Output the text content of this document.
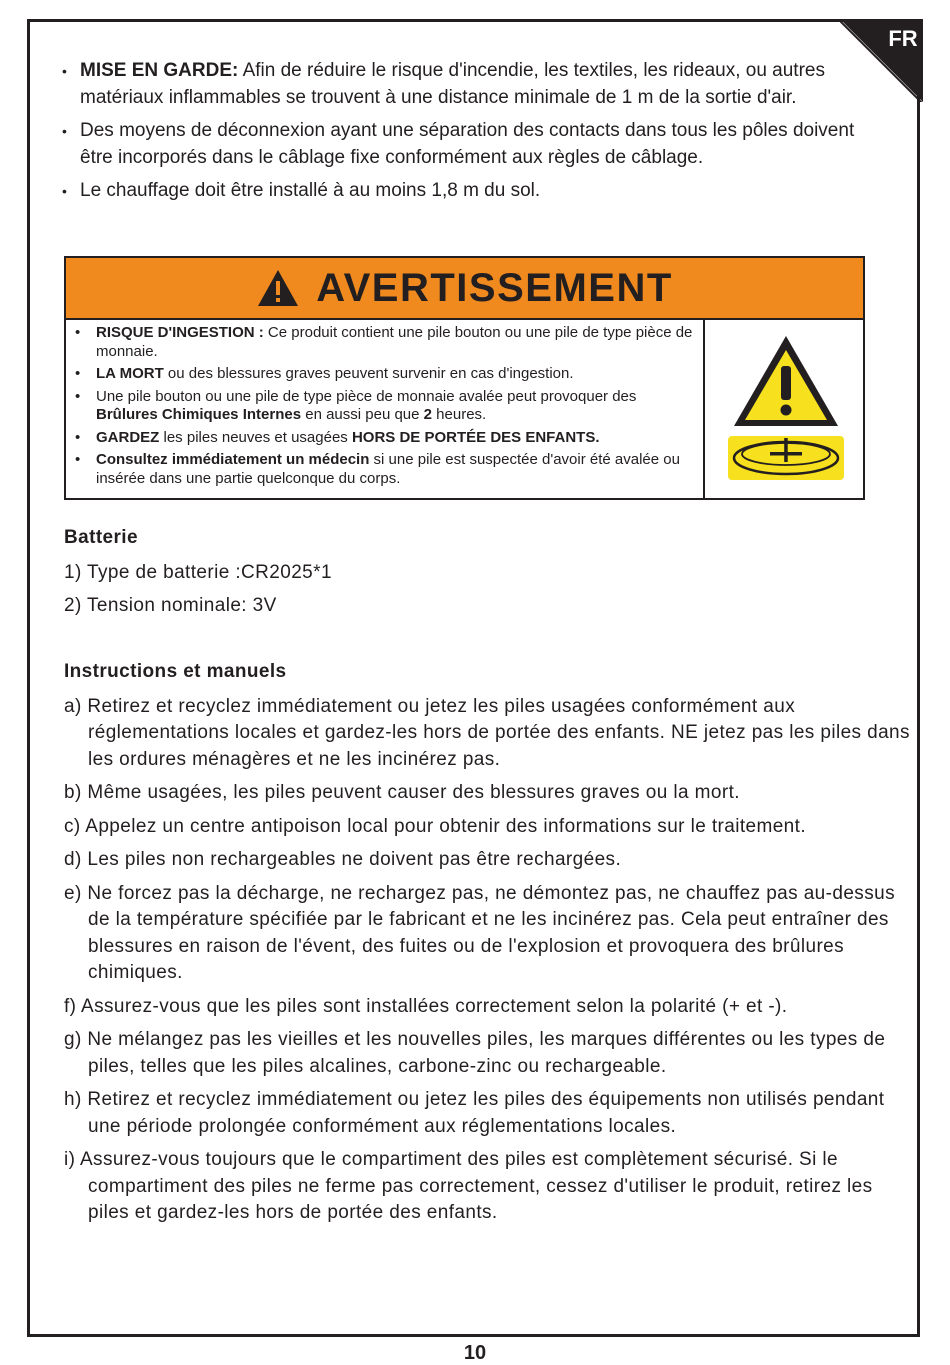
FR
• MISE EN GARDE: Afin de réduire le risque d'incendie, les textiles, les rideaux, ou autres matériaux inflammables se trouvent à une distance minimale de 1 m de la sortie d'air.
• Des moyens de déconnexion ayant une séparation des contacts dans tous les pôles doivent être incorporés dans le câblage fixe conformément aux règles de câblage.
• Le chauffage doit être installé à au moins 1,8 m du sol.
AVERTISSEMENT
• RISQUE D'INGESTION : Ce produit contient une pile bouton ou une pile de type pièce de monnaie.
• LA MORT ou des blessures graves peuvent survenir en cas d'ingestion.
• Une pile bouton ou une pile de type pièce de monnaie avalée peut provoquer des Brûlures Chimiques Internes en aussi peu que 2 heures.
• GARDEZ les piles neuves et usagées HORS DE PORTÉE DES ENFANTS.
• Consultez immédiatement un médecin si une pile est suspectée d'avoir été avalée ou insérée dans une partie quelconque du corps.
Batterie
1) Type de batterie :CR2025*1
2) Tension nominale: 3V
Instructions et manuels
a) Retirez et recyclez immédiatement ou jetez les piles usagées conformément aux réglementations locales et gardez-les hors de portée des enfants. NE jetez pas les piles dans les ordures ménagères et ne les incinérez pas.
b) Même usagées, les piles peuvent causer des blessures graves ou la mort.
c) Appelez un centre antipoison local pour obtenir des informations sur le traitement.
d) Les piles non rechargeables ne doivent pas être rechargées.
e) Ne forcez pas la décharge, ne rechargez pas, ne démontez pas, ne chauffez pas au-dessus de la température spécifiée par le fabricant et ne les incinérez pas. Cela peut entraîner des blessures en raison de l'évent, des fuites ou de l'explosion et provoquera des brûlures chimiques.
f) Assurez-vous que les piles sont installées correctement selon la polarité (+ et -).
g) Ne mélangez pas les vieilles et les nouvelles piles, les marques différentes ou les types de piles, telles que les piles alcalines, carbone-zinc ou rechargeable.
h) Retirez et recyclez immédiatement ou jetez les piles des équipements non utilisés pendant une période prolongée conformément aux réglementations locales.
i) Assurez-vous toujours que le compartiment des piles est complètement sécurisé. Si le compartiment des piles ne ferme pas correctement, cessez d'utiliser le produit, retirez les piles et gardez-les hors de portée des enfants.
10
